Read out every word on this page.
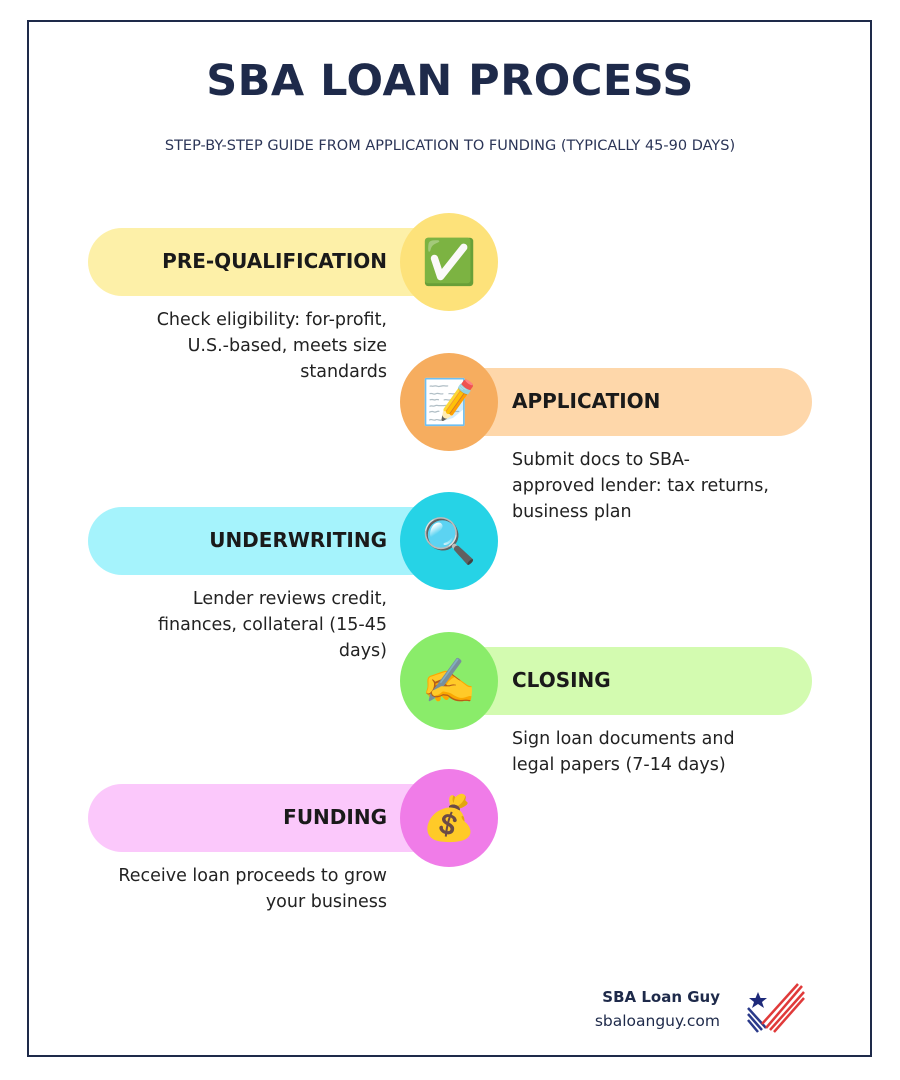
SBA LOAN PROCESS
STEP-BY-STEP GUIDE FROM APPLICATION TO FUNDING (TYPICALLY 45-90 DAYS)
✅
PRE-QUALIFICATION
Check eligibility: for-profit, U.S.-based, meets size standards
📝 APPLICATION
Submit docs to SBA-approved lender: tax returns, business plan
🔍
UNDERWRITING
Lender reviews credit, finances, collateral (15-45 days)
✍️ CLOSING
Sign loan documents and legal papers (7-14 days)
💰
FUNDING
Receive loan proceeds to grow your business
SBA Loan Guy
sbaloanguy.com
